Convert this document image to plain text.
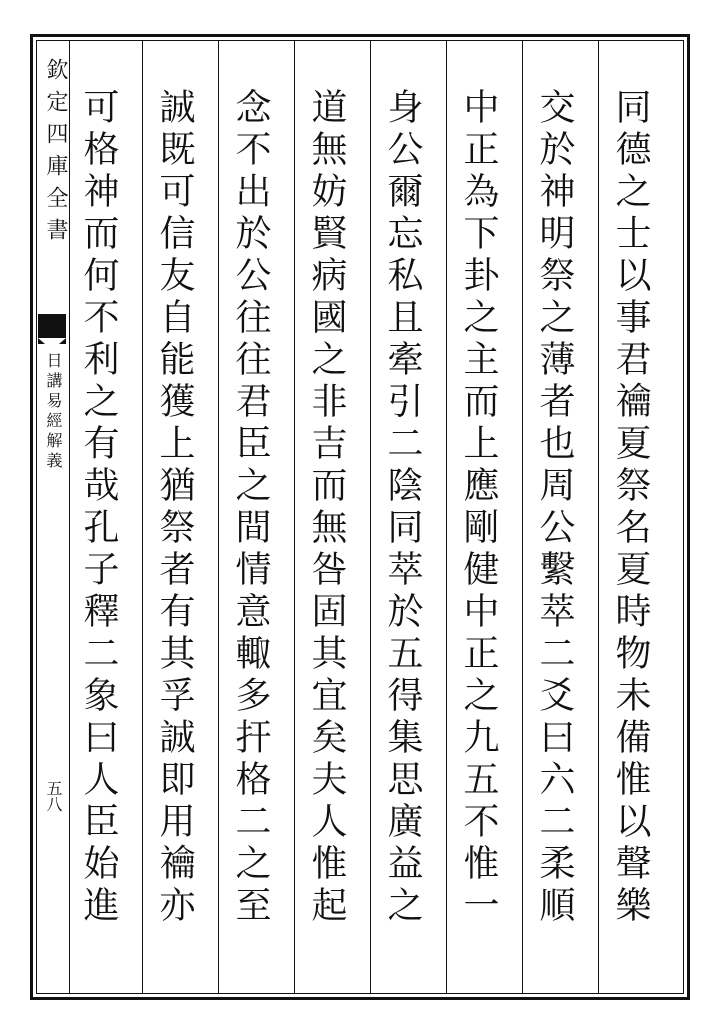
欽定四庫全書
日講易經解義
五八	同德之士以事君禴夏祭名夏時物未備惟以聲樂
交於神明祭之薄者也周公繫萃二爻曰六二柔順
中正為下卦之主而上應剛健中正之九五不惟一
身公爾忘私且牽引二陰同萃於五得集思廣益之
道無妨賢病國之非吉而無咎固其宜矣夫人惟起
念不出於公往往君臣之間情意輙多扞格二之至
誠既可信友自能獲上猶祭者有其孚誠即用禴亦
可格神而何不利之有哉孔子釋二象曰人臣始進
